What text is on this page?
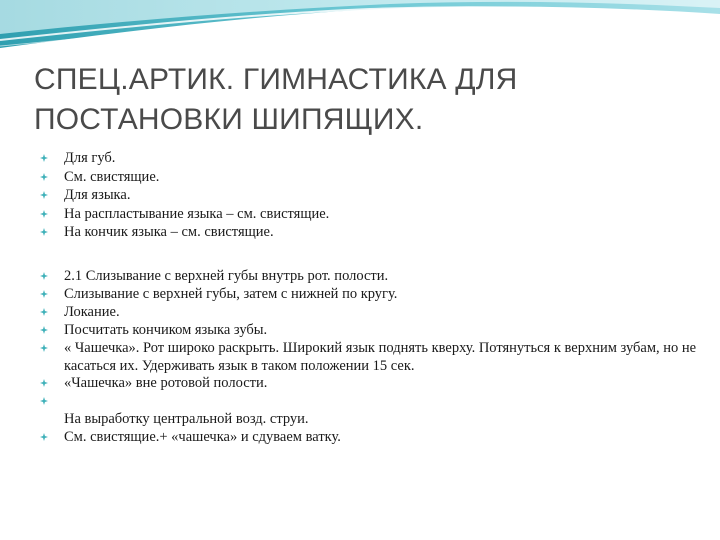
СПЕЦ.АРТИК. ГИМНАСТИКА ДЛЯ ПОСТАНОВКИ ШИПЯЩИХ.
Для губ.
См. свистящие.
Для языка.
На распластывание языка – см. свистящие.
На кончик языка – см. свистящие.
2.1 Слизывание с верхней губы внутрь рот. полости.
Слизывание с верхней губы, затем с нижней по кругу.
Локание.
Посчитать кончиком языка зубы.
« Чашечка». Рот широко раскрыть. Широкий язык поднять кверху. Потянуться к верхним зубам, но не касаться их. Удерживать язык в таком положении 15 сек.
«Чашечка» вне ротовой полости.
На выработку центральной возд. струи.
См. свистящие.+ «чашечка» и сдуваем ватку.
